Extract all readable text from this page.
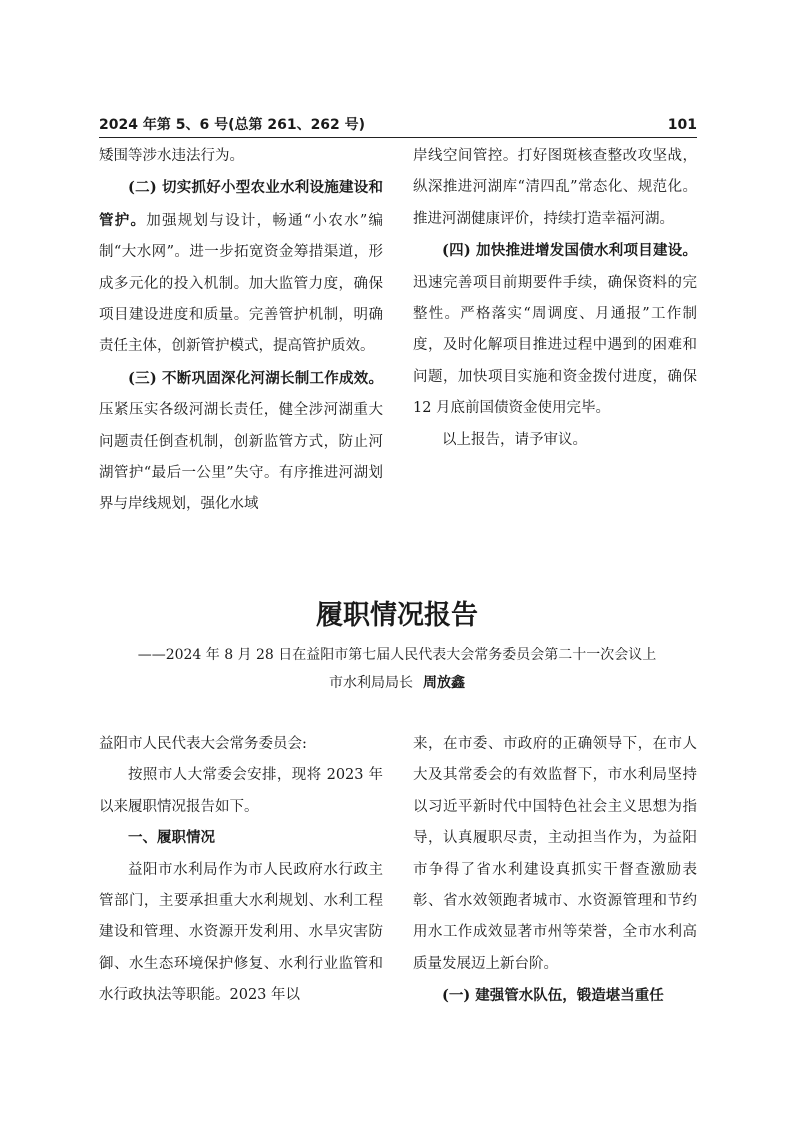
2024 年第 5、6 号(总第 261、262 号)	101

矮围等涉水违法行为。

(二) 切实抓好小型农业水利设施建设和管护。加强规划与设计，畅通“小农水”编制“大水网”。进一步拓宽资金筹措渠道，形成多元化的投入机制。加大监管力度，确保项目建设进度和质量。完善管护机制，明确责任主体，创新管护模式，提高管护质效。

(三) 不断巩固深化河湖长制工作成效。压紧压实各级河湖长责任，健全涉河湖重大问题责任倒查机制，创新监管方式，防止河湖管护“最后一公里”失守。有序推进河湖划界与岸线规划，强化水域

岸线空间管控。打好图斑核查整改攻坚战，纵深推进河湖库“清四乱”常态化、规范化。推进河湖健康评价，持续打造幸福河湖。

(四) 加快推进增发国债水利项目建设。迅速完善项目前期要件手续，确保资料的完整性。严格落实“周调度、月通报”工作制度，及时化解项目推进过程中遇到的困难和问题，加快项目实施和资金拨付进度，确保 12 月底前国债资金使用完毕。

以上报告，请予审议。

履职情况报告
——2024 年 8 月 28 日在益阳市第七届人民代表大会常务委员会第二十一次会议上
市水利局局长 周放鑫

益阳市人民代表大会常务委员会:

按照市人大常委会安排，现将 2023 年以来履职情况报告如下。

一、履职情况

益阳市水利局作为市人民政府水行政主管部门，主要承担重大水利规划、水利工程建设和管理、水资源开发利用、水旱灾害防御、水生态环境保护修复、水利行业监管和水行政执法等职能。2023 年以

来，在市委、市政府的正确领导下，在市人大及其常委会的有效监督下，市水利局坚持以习近平新时代中国特色社会主义思想为指导，认真履职尽责，主动担当作为，为益阳市争得了省水利建设真抓实干督查激励表彰、省水效领跑者城市、水资源管理和节约用水工作成效显著市州等荣誉，全市水利高质量发展迈上新台阶。

(一) 建强管水队伍，锻造堪当重任
